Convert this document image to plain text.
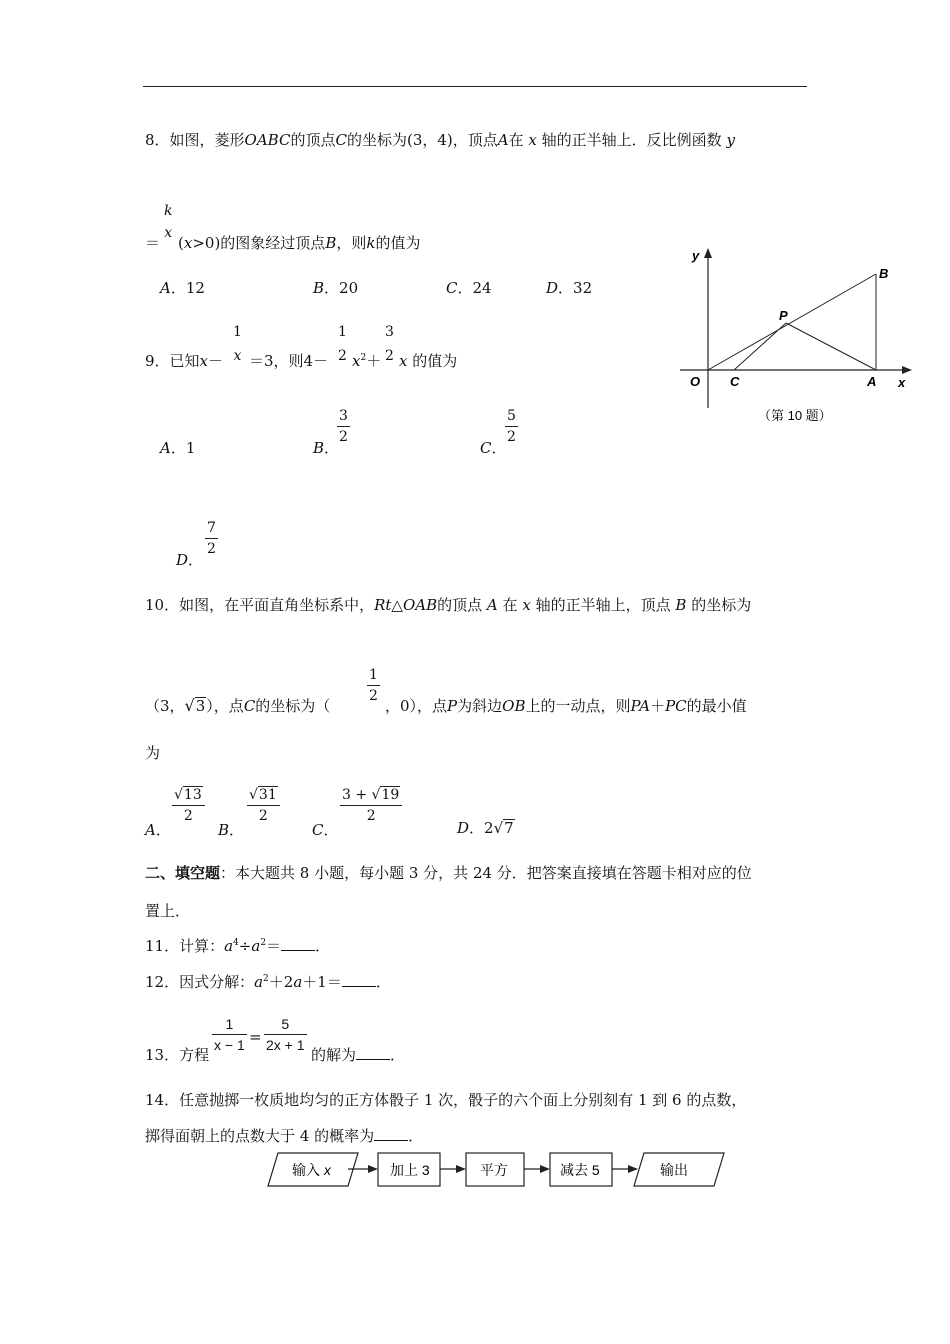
8．如图，菱形OABC的顶点C的坐标为(3，4)，顶点A在 x 轴的正半轴上．反比例函数 y
k
x
＝ (x>0)的图象经过顶点B，则k的值为
A．12	B．20	C．24	D．32
9．已知x－
1
x ＝3，则4－
1
2 $x^2+$
3
2 x 的值为
A．1	B．
3
2
C．
5
2
D．
7
2
10．如图，在平面直角坐标系中，Rt△OAB的顶点 A 在 x 轴的正半轴上，顶点 B 的坐标为
（3，√3），点C的坐标为（
1
2
，0），点P为斜边OB上的一动点，则PA＋PC的最小值
为
A．
√13
2
B．
√31
2
C．
3 + √19
2
D．2√7
y
x
O C	A
B
P
（第 10 题）
二、填空题：本大题共 8 小题，每小题 3 分，共 24 分．把答案直接填在答题卡相对应的位
置上．
11．计算：$a^4\div a^2=$ ．
12．因式分解：$a^2+2a+1=$ ．
13．方程
1
x − 1 =
5
2x + 1
的解为 ．
14．任意抛掷一枚质地均匀的正方体骰子 1 次，骰子的六个面上分别刻有 1 到 6 的点数，
掷得面朝上的点数大于 4 的概率为 ．
输入 x	加上 3	平方	减去 5	输出
